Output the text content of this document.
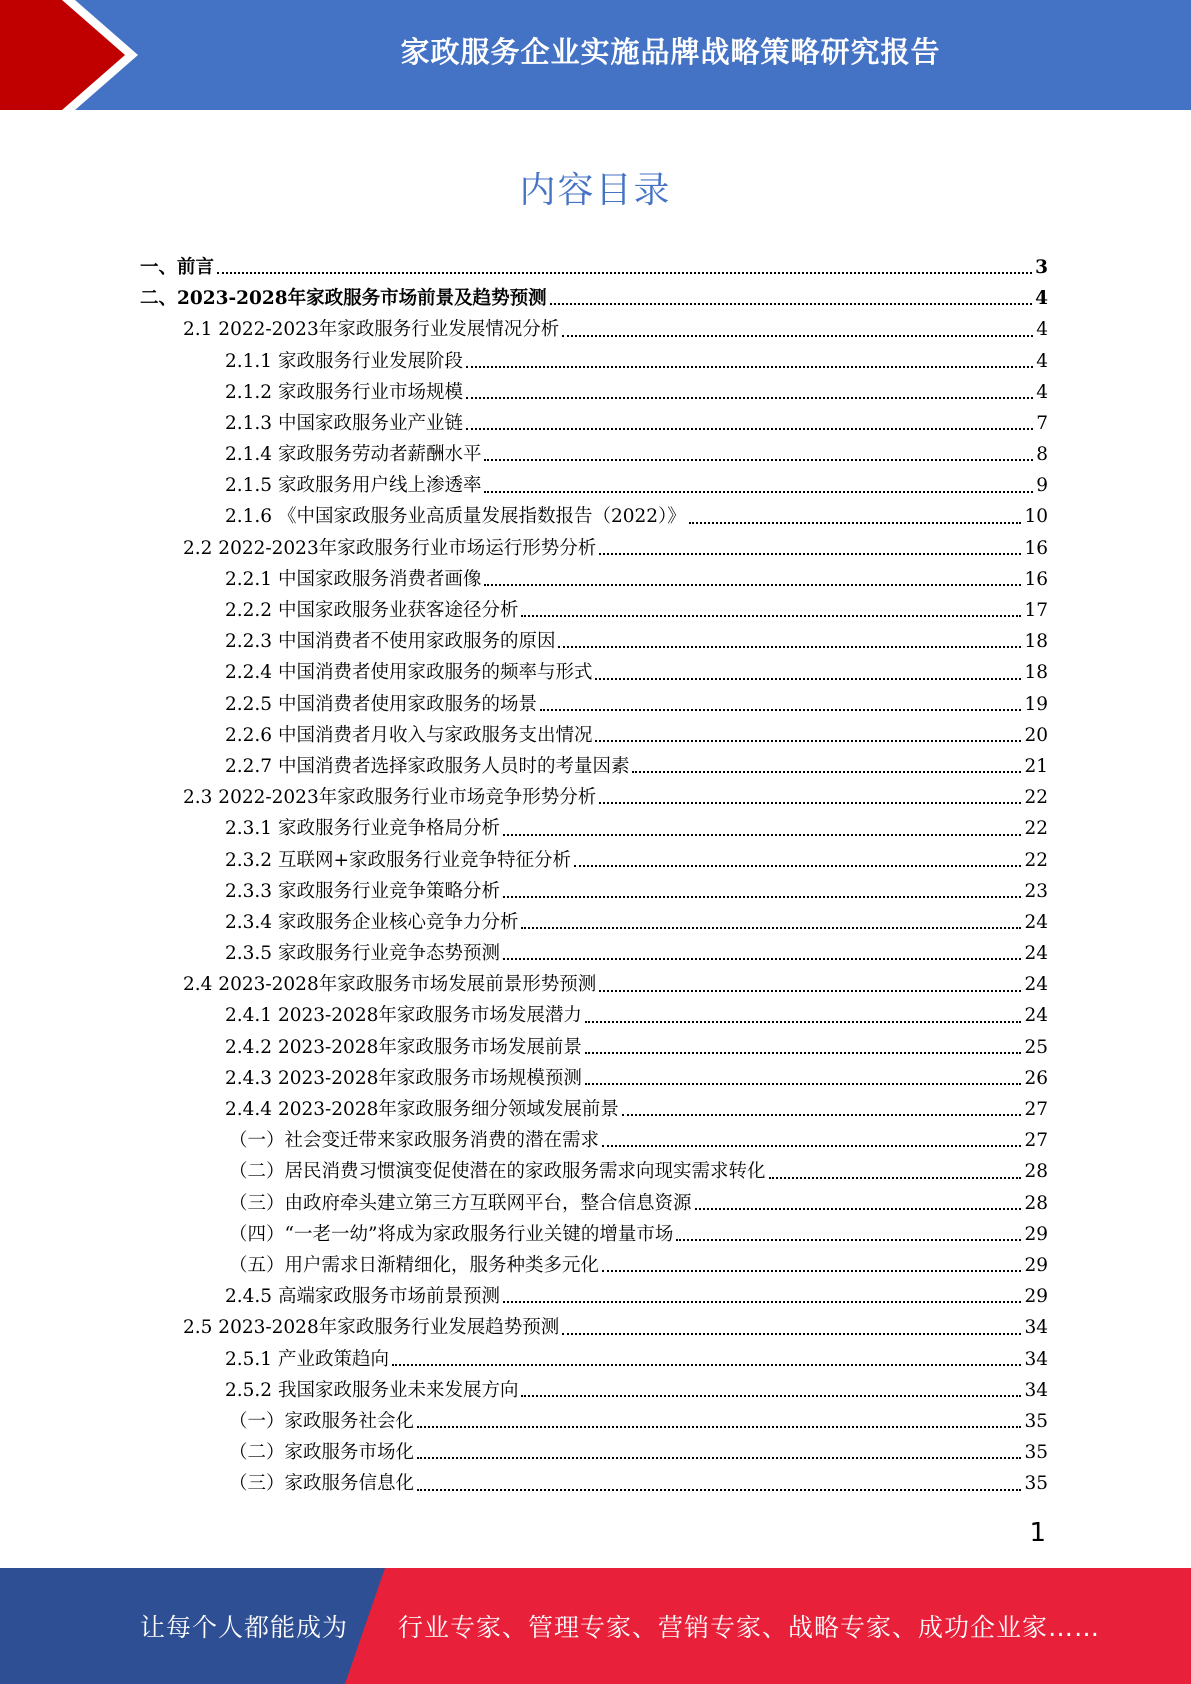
家政服务企业实施品牌战略策略研究报告
内容目录
一、前言	3
二、2023-2028年家政服务市场前景及趋势预测	4
2.1 2022-2023年家政服务行业发展情况分析	4
2.1.1 家政服务行业发展阶段	4
2.1.2 家政服务行业市场规模	4
2.1.3 中国家政服务业产业链	7
2.1.4 家政服务劳动者薪酬水平	8
2.1.5 家政服务用户线上渗透率	9
2.1.6 《中国家政服务业高质量发展指数报告（2022）》	10
2.2 2022-2023年家政服务行业市场运行形势分析	16
2.2.1 中国家政服务消费者画像	16
2.2.2 中国家政服务业获客途径分析	17
2.2.3 中国消费者不使用家政服务的原因	18
2.2.4 中国消费者使用家政服务的频率与形式	18
2.2.5 中国消费者使用家政服务的场景	19
2.2.6 中国消费者月收入与家政服务支出情况	20
2.2.7 中国消费者选择家政服务人员时的考量因素	21
2.3 2022-2023年家政服务行业市场竞争形势分析	22
2.3.1 家政服务行业竞争格局分析	22
2.3.2 互联网+家政服务行业竞争特征分析	22
2.3.3 家政服务行业竞争策略分析	23
2.3.4 家政服务企业核心竞争力分析	24
2.3.5 家政服务行业竞争态势预测	24
2.4 2023-2028年家政服务市场发展前景形势预测	24
2.4.1 2023-2028年家政服务市场发展潜力	24
2.4.2 2023-2028年家政服务市场发展前景	25
2.4.3 2023-2028年家政服务市场规模预测	26
2.4.4 2023-2028年家政服务细分领域发展前景	27
（一）社会变迁带来家政服务消费的潜在需求	27
（二）居民消费习惯演变促使潜在的家政服务需求向现实需求转化	28
（三）由政府牵头建立第三方互联网平台，整合信息资源	28
（四）“一老一幼”将成为家政服务行业关键的增量市场	29
（五）用户需求日渐精细化，服务种类多元化	29
2.4.5 高端家政服务市场前景预测	29
2.5 2023-2028年家政服务行业发展趋势预测	34
2.5.1 产业政策趋向	34
2.5.2 我国家政服务业未来发展方向	34
（一）家政服务社会化	35
（二）家政服务市场化	35
（三）家政服务信息化	35
1
让每个人都能成为 行业专家、管理专家、营销专家、战略专家、成功企业家……
